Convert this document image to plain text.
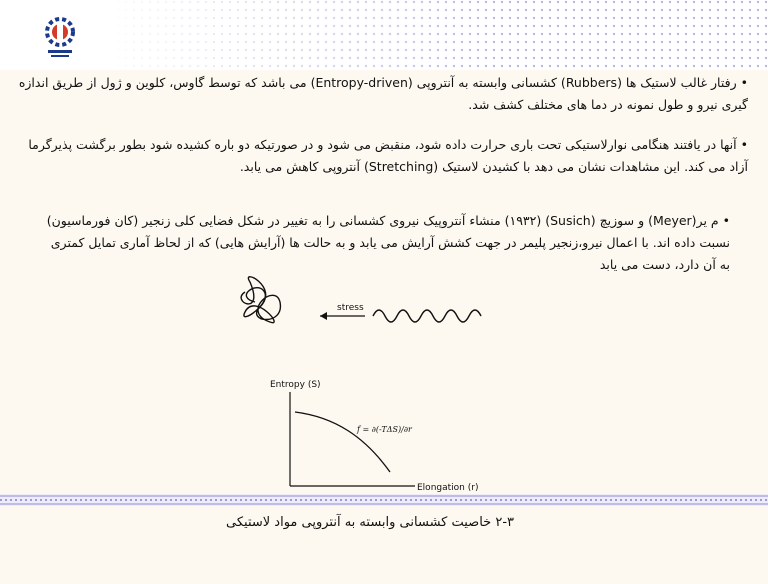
• رفتار غالب لاستیک ها (Rubbers) کشسانی وابسته به آنتروپی (Entropy-driven) می باشد که توسط گاوس، کلوین و ژول از طریق اندازه گیری نیرو و طول نمونه در دما های مختلف کشف شد.
• آنها در یافتند هنگامی نوارلاستیکی تحت باری حرارت داده شود، منقبض می شود و در صورتیکه دو باره کشیده شود بطور برگشت پذیرگرما آزاد می کند. این مشاهدات نشان می دهد با کشیدن لاستیک (Stretching) آنتروپی کاهش می یابد.
• م یر(Meyer) و سوزیچ (Susich) (۱۹۳۲) منشاء آنتروپیک نیروی کشسانی را به تغییر در شکل فضایی کلی زنجیر (کان فورماسیون) نسبت داده اند. با اعمال نیرو،زنجیر پلیمر در جهت کشش آرایش می یابد و به حالت ها (آرایش هایی) که از لحاظ آماری تمایل کمتری به آن دارد، دست می یابد
stress
Entropy (S)
f = ∂(-TΔS)/∂r
Elongation (r)
۲-۳ خاصیت کشسانی وابسته به آنتروپی مواد لاستیکی
